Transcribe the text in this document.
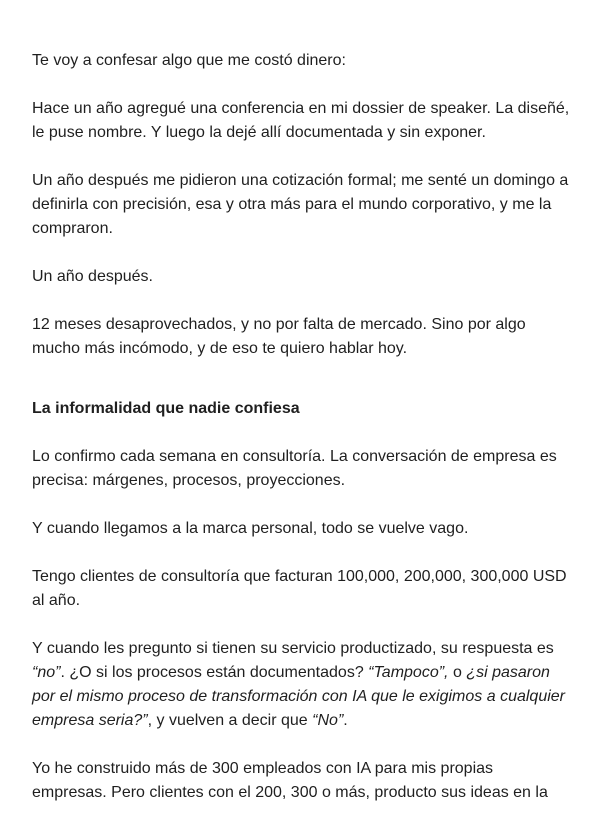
Te voy a confesar algo que me costó dinero:

Hace un año agregué una conferencia en mi dossier de speaker. La diseñé, le puse nombre. Y luego la dejé allí documentada y sin exponer.

Un año después me pidieron una cotización formal; me senté un domingo a definirla con precisión, esa y otra más para el mundo corporativo, y me la compraron.

Un año después.

12 meses desaprovechados, y no por falta de mercado. Sino por algo mucho más incómodo, y de eso te quiero hablar hoy.

La informalidad que nadie confiesa

Lo confirmo cada semana en consultoría. La conversación de empresa es precisa: márgenes, procesos, proyecciones.

Y cuando llegamos a la marca personal, todo se vuelve vago.

Tengo clientes de consultoría que facturan 100,000, 200,000, 300,000 USD al año.

Y cuando les pregunto si tienen su servicio productizado, su respuesta es “no”. ¿O si los procesos están documentados? “Tampoco”, o ¿si pasaron por el mismo proceso de transformación con IA que le exigimos a cualquier empresa seria?”, y vuelven a decir que “No”.

Yo he construido más de 300 empleados con IA para mis propias empresas. Pero clientes con el 200, 300 o más, producto sus ideas en la
